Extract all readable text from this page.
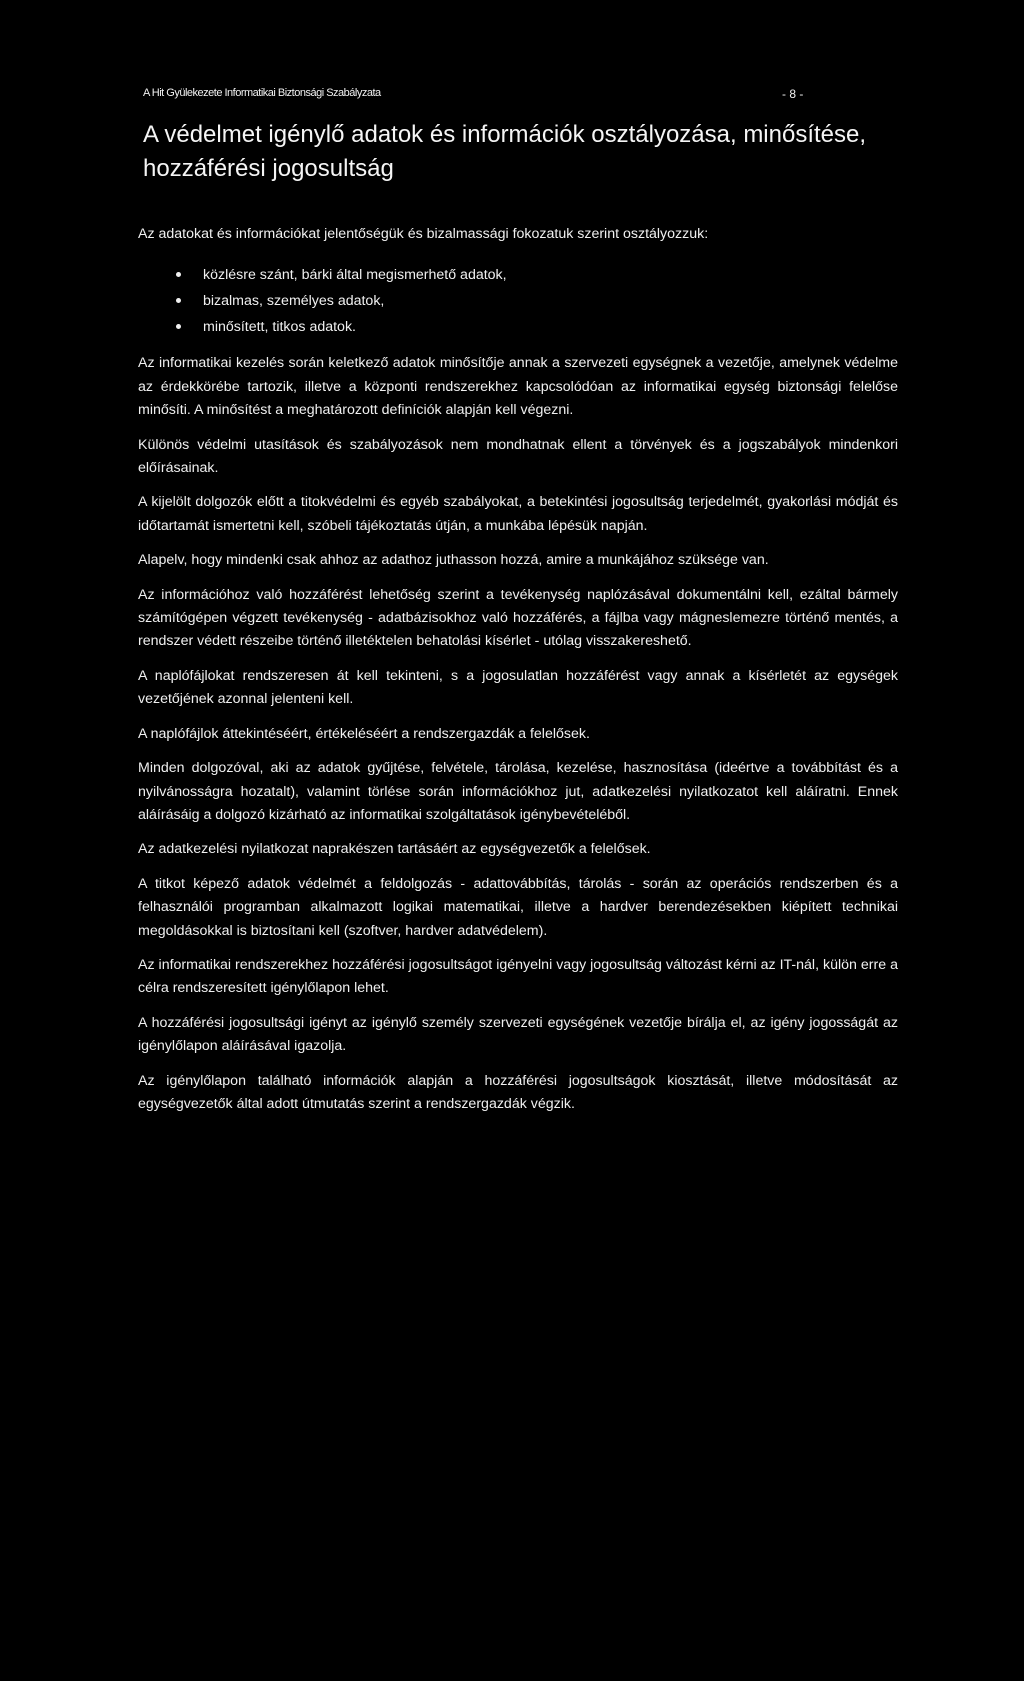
A Hit Gyülekezete Informatikai Biztonsági Szabályzata	- 8 -
A védelmet igénylő adatok és információk osztályozása, minősítése, hozzáférési jogosultság

Az adatokat és információkat jelentőségük és bizalmassági fokozatuk szerint osztályozzuk:

közlésre szánt, bárki által megismerhető adatok,
bizalmas, személyes adatok,
minősített, titkos adatok.

Az informatikai kezelés során keletkező adatok minősítője annak a szervezeti egységnek a vezetője, amelynek védelme az érdekkörébe tartozik, illetve a központi rendszerekhez kapcsolódóan az informatikai egység biztonsági felelőse minősíti. A minősítést a meghatározott definíciók alapján kell végezni.

Különös védelmi utasítások és szabályozások nem mondhatnak ellent a törvények és a jogszabályok mindenkori előírásainak.

A kijelölt dolgozók előtt a titokvédelmi és egyéb szabályokat, a betekintési jogosultság terjedelmét, gyakorlási módját és időtartamát ismertetni kell, szóbeli tájékoztatás útján, a munkába lépésük napján.

Alapelv, hogy mindenki csak ahhoz az adathoz juthasson hozzá, amire a munkájához szüksége van.

Az információhoz való hozzáférést lehetőség szerint a tevékenység naplózásával dokumentálni kell, ezáltal bármely számítógépen végzett tevékenység - adatbázisokhoz való hozzáférés, a fájlba vagy mágneslemezre történő mentés, a rendszer védett részeibe történő illetéktelen behatolási kísérlet - utólag visszakereshető.

A naplófájlokat rendszeresen át kell tekinteni, s a jogosulatlan hozzáférést vagy annak a kísérletét az egységek vezetőjének azonnal jelenteni kell.

A naplófájlok áttekintéséért, értékeléséért a rendszergazdák a felelősek.

Minden dolgozóval, aki az adatok gyűjtése, felvétele, tárolása, kezelése, hasznosítása (ideértve a továbbítást és a nyilvánosságra hozatalt), valamint törlése során információkhoz jut, adatkezelési nyilatkozatot kell aláíratni. Ennek aláírásáig a dolgozó kizárható az informatikai szolgáltatások igénybevételéből.

Az adatkezelési nyilatkozat naprakészen tartásáért az egységvezetők a felelősek.

A titkot képező adatok védelmét a feldolgozás - adattovábbítás, tárolás - során az operációs rendszerben és a felhasználói programban alkalmazott logikai matematikai, illetve a hardver berendezésekben kiépített technikai megoldásokkal is biztosítani kell (szoftver, hardver adatvédelem).

Az informatikai rendszerekhez hozzáférési jogosultságot igényelni vagy jogosultság változást kérni az IT-nál, külön erre a célra rendszeresített igénylőlapon lehet.

A hozzáférési jogosultsági igényt az igénylő személy szervezeti egységének vezetője bírálja el, az igény jogosságát az igénylőlapon aláírásával igazolja.

Az igénylőlapon található információk alapján a hozzáférési jogosultságok kiosztását, illetve módosítását az egységvezetők által adott útmutatás szerint a rendszergazdák végzik.
